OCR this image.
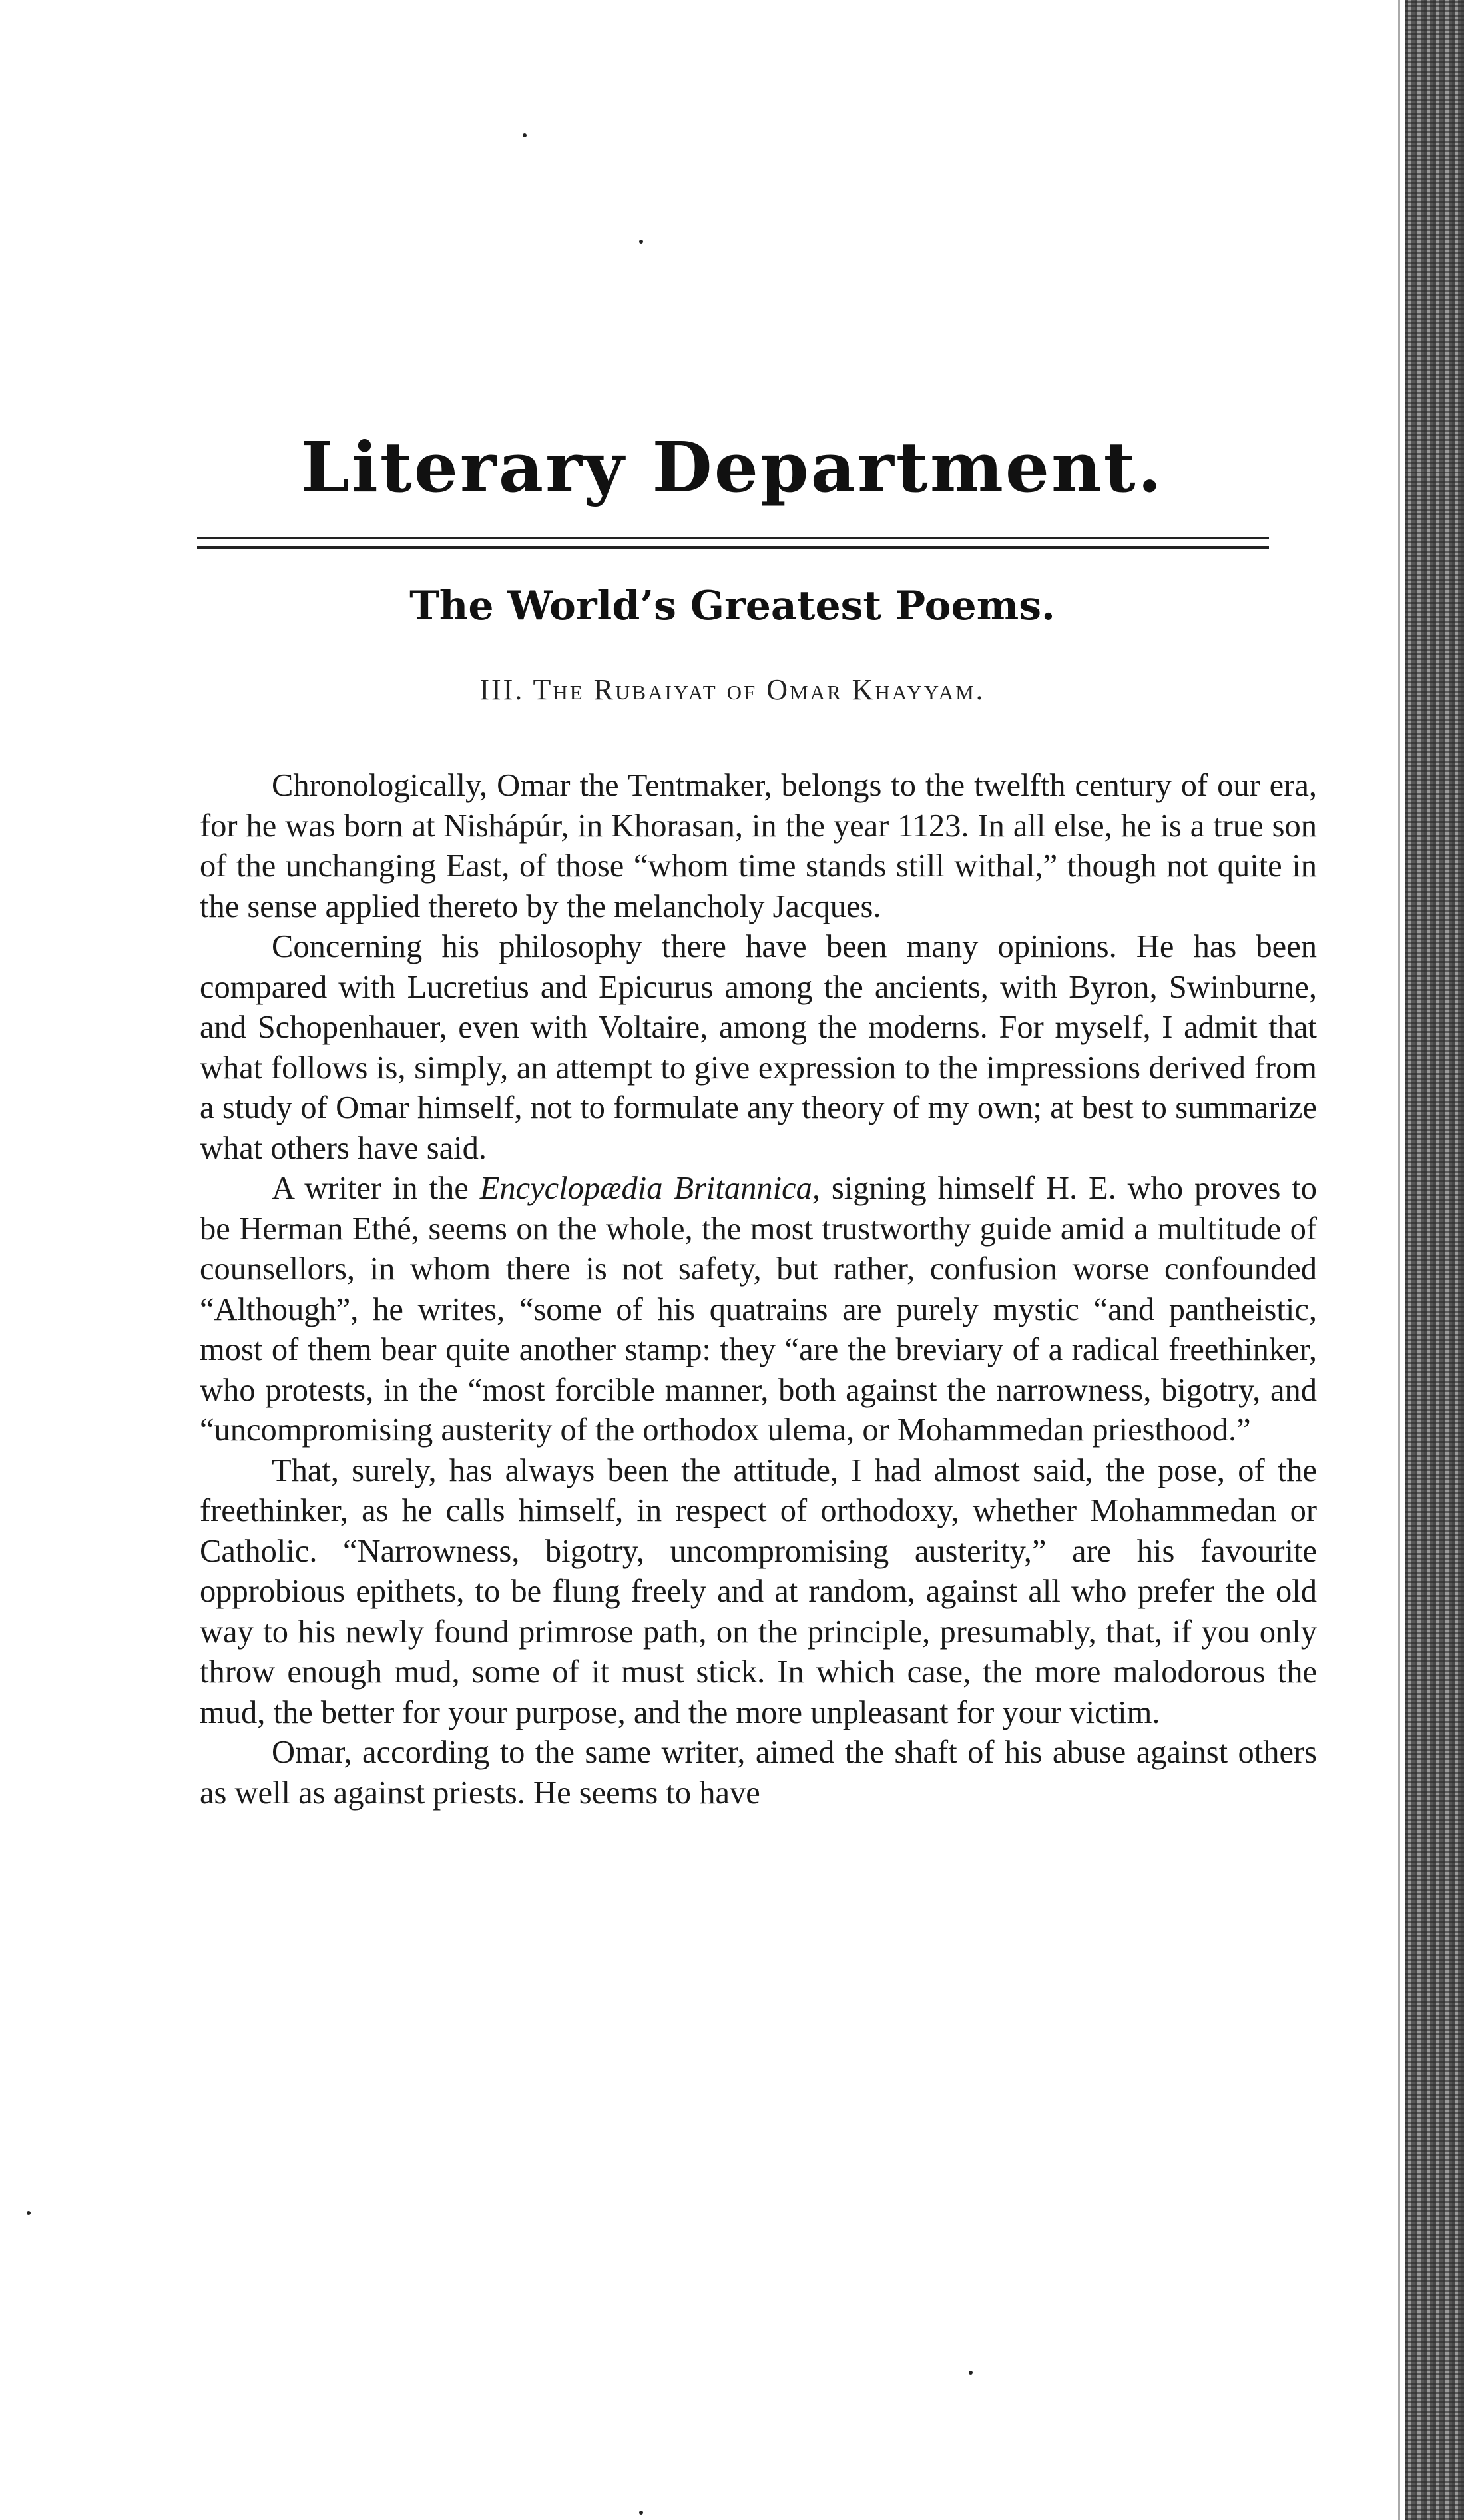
Literary Department.
The World’s Greatest Poems.
III. The Rubaiyat of Omar Khayyam.

Chronologically, Omar the Tentmaker, belongs to the twelfth century of our era, for he was born at Nishápúr, in Khorasan, in the year 1123. In all else, he is a true son of the unchanging East, of those “whom time stands still withal,” though not quite in the sense applied thereto by the melancholy Jacques.

Concerning his philosophy there have been many opinions. He has been compared with Lucretius and Epicurus among the ancients, with Byron, Swinburne, and Schopenhauer, even with Voltaire, among the moderns. For myself, I admit that what follows is, simply, an attempt to give expression to the impressions derived from a study of Omar himself, not to formulate any theory of my own; at best to summarize what others have said.

A writer in the Encyclopædia Britannica, signing himself H. E. who proves to be Herman Ethé, seems on the whole, the most trustworthy guide amid a multitude of counsellors, in whom there is not safety, but rather, confusion worse confounded “Although”, he writes, “some of his quatrains are purely mystic “and pantheistic, most of them bear quite another stamp: they “are the breviary of a radical freethinker, who protests, in the “most forcible manner, both against the narrowness, bigotry, and “uncompromising austerity of the orthodox ulema, or Mohammedan priesthood.”

That, surely, has always been the attitude, I had almost said, the pose, of the freethinker, as he calls himself, in respect of orthodoxy, whether Mohammedan or Catholic. “Narrowness, bigotry, uncompromising austerity,” are his favourite opprobious epithets, to be flung freely and at random, against all who prefer the old way to his newly found primrose path, on the principle, presumably, that, if you only throw enough mud, some of it must stick. In which case, the more malodorous the mud, the better for your purpose, and the more unpleasant for your victim.

Omar, according to the same writer, aimed the shaft of his abuse against others as well as against priests. He seems to have
